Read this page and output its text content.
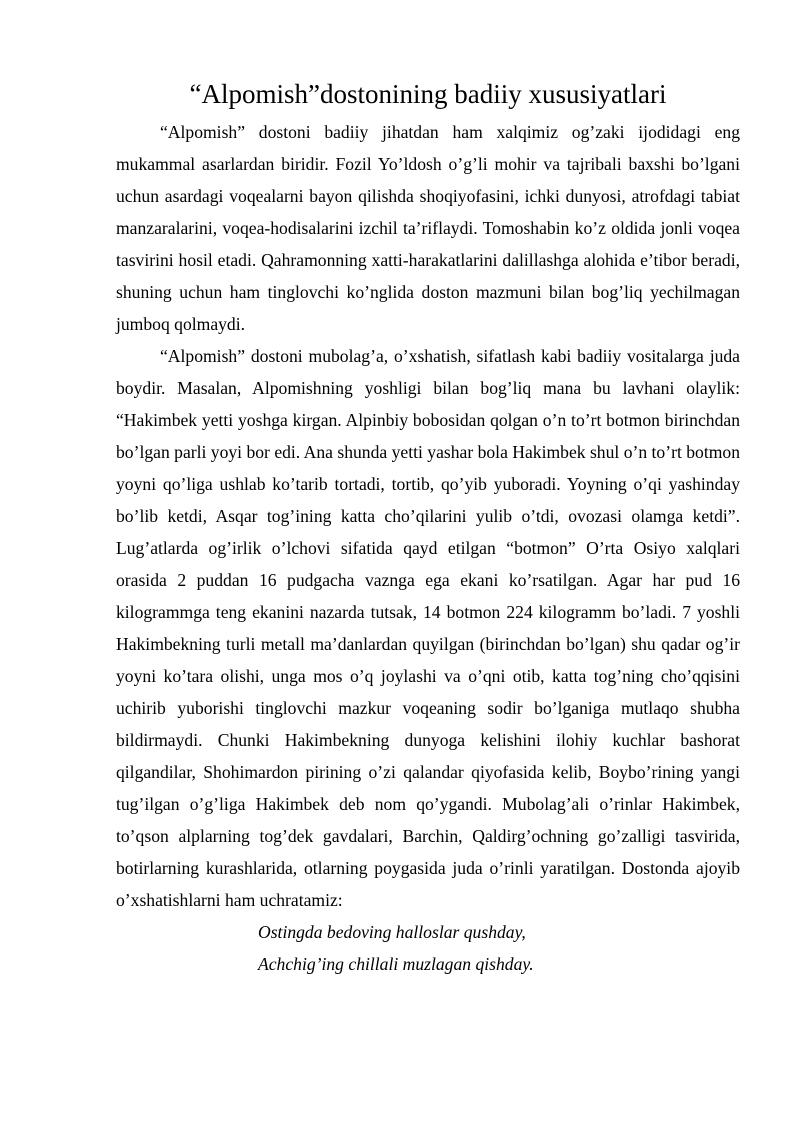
“Alpomish”dostonining badiiy xususiyatlari

“Alpomish” dostoni badiiy jihatdan ham xalqimiz og’zaki ijodidagi eng mukammal asarlardan biridir. Fozil Yo’ldosh o’g’li mohir va tajribali baxshi bo’lgani uchun asardagi voqealarni bayon qilishda shoqiyofasini, ichki dunyosi, atrofdagi tabiat manzaralarini, voqea-hodisalarini izchil ta’riflaydi. Tomoshabin ko’z oldida jonli voqea tasvirini hosil etadi. Qahramonning xatti-harakatlarini dalillashga alohida e’tibor beradi, shuning uchun ham tinglovchi ko’nglida doston mazmuni bilan bog’liq yechilmagan jumboq qolmaydi.

“Alpomish” dostoni mubolag’a, o’xshatish, sifatlash kabi badiiy vositalarga juda boydir. Masalan, Alpomishning yoshligi bilan bog’liq mana bu lavhani olaylik: “Hakimbek yetti yoshga kirgan. Alpinbiy bobosidan qolgan o’n to’rt botmon birinchdan bo’lgan parli yoyi bor edi. Ana shunda yetti yashar bola Hakimbek shul o’n to’rt botmon yoyni qo’liga ushlab ko’tarib tortadi, tortib, qo’yib yuboradi. Yoyning o’qi yashinday bo’lib ketdi, Asqar tog’ining katta cho’qilarini yulib o’tdi, ovozasi olamga ketdi”. Lug’atlarda og’irlik o’lchovi sifatida qayd etilgan “botmon” O’rta Osiyo xalqlari orasida 2 puddan 16 pudgacha vaznga ega ekani ko’rsatilgan. Agar har pud 16 kilogrammga teng ekanini nazarda tutsak, 14 botmon 224 kilogramm bo’ladi. 7 yoshli Hakimbekning turli metall ma’danlardan quyilgan (birinchdan bo’lgan) shu qadar og’ir yoyni ko’tara olishi, unga mos o’q joylashi va o’qni otib, katta tog’ning cho’qqisini uchirib yuborishi tinglovchi mazkur voqeaning sodir bo’lganiga mutlaqo shubha bildirmaydi. Chunki Hakimbekning dunyoga kelishini ilohiy kuchlar bashorat qilgandilar, Shohimardon pirining o’zi qalandar qiyofasida kelib, Boybo’rining yangi tug’ilgan o’g’liga Hakimbek deb nom qo’ygandi. Mubolag’ali o’rinlar Hakimbek, to’qson alplarning tog’dek gavdalari, Barchin, Qaldirg’ochning go’zalligi tasvirida, botirlarning kurashlarida, otlarning poygasida juda o’rinli yaratilgan. Dostonda ajoyib o’xshatishlarni ham uchratamiz:

Ostingda bedoving halloslar qushday,
Achchig’ing chillali muzlagan qishday.
